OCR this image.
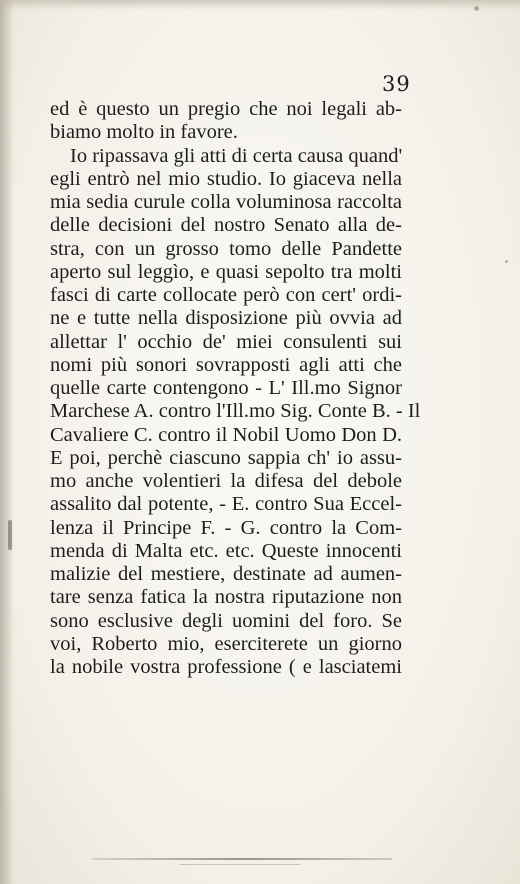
39
ed è questo un pregio che noi legali ab-
biamo molto in favore.
Io ripassava gli atti di certa causa quand'
egli entrò nel mio studio. Io giaceva nella
mia sedia curule colla voluminosa raccolta
delle decisioni del nostro Senato alla de-
stra, con un grosso tomo delle Pandette
aperto sul leggìo, e quasi sepolto tra molti
fasci di carte collocate però con cert' ordi-
ne e tutte nella disposizione più ovvia ad
allettar l' occhio de' miei consulenti sui
nomi più sonori sovrapposti agli atti che
quelle carte contengono - L' Ill.mo Signor
Marchese A. contro l'Ill.mo Sig. Conte B. - Il
Cavaliere C. contro il Nobil Uomo Don D.
E poi, perchè ciascuno sappia ch' io assu-
mo anche volentieri la difesa del debole
assalito dal potente, - E. contro Sua Eccel-
lenza il Principe F. - G. contro la Com-
menda di Malta etc. etc. Queste innocenti
malizie del mestiere, destinate ad aumen-
tare senza fatica la nostra riputazione non
sono esclusive degli uomini del foro. Se
voi, Roberto mio, eserciterete un giorno
la nobile vostra professione ( e lasciatemi
